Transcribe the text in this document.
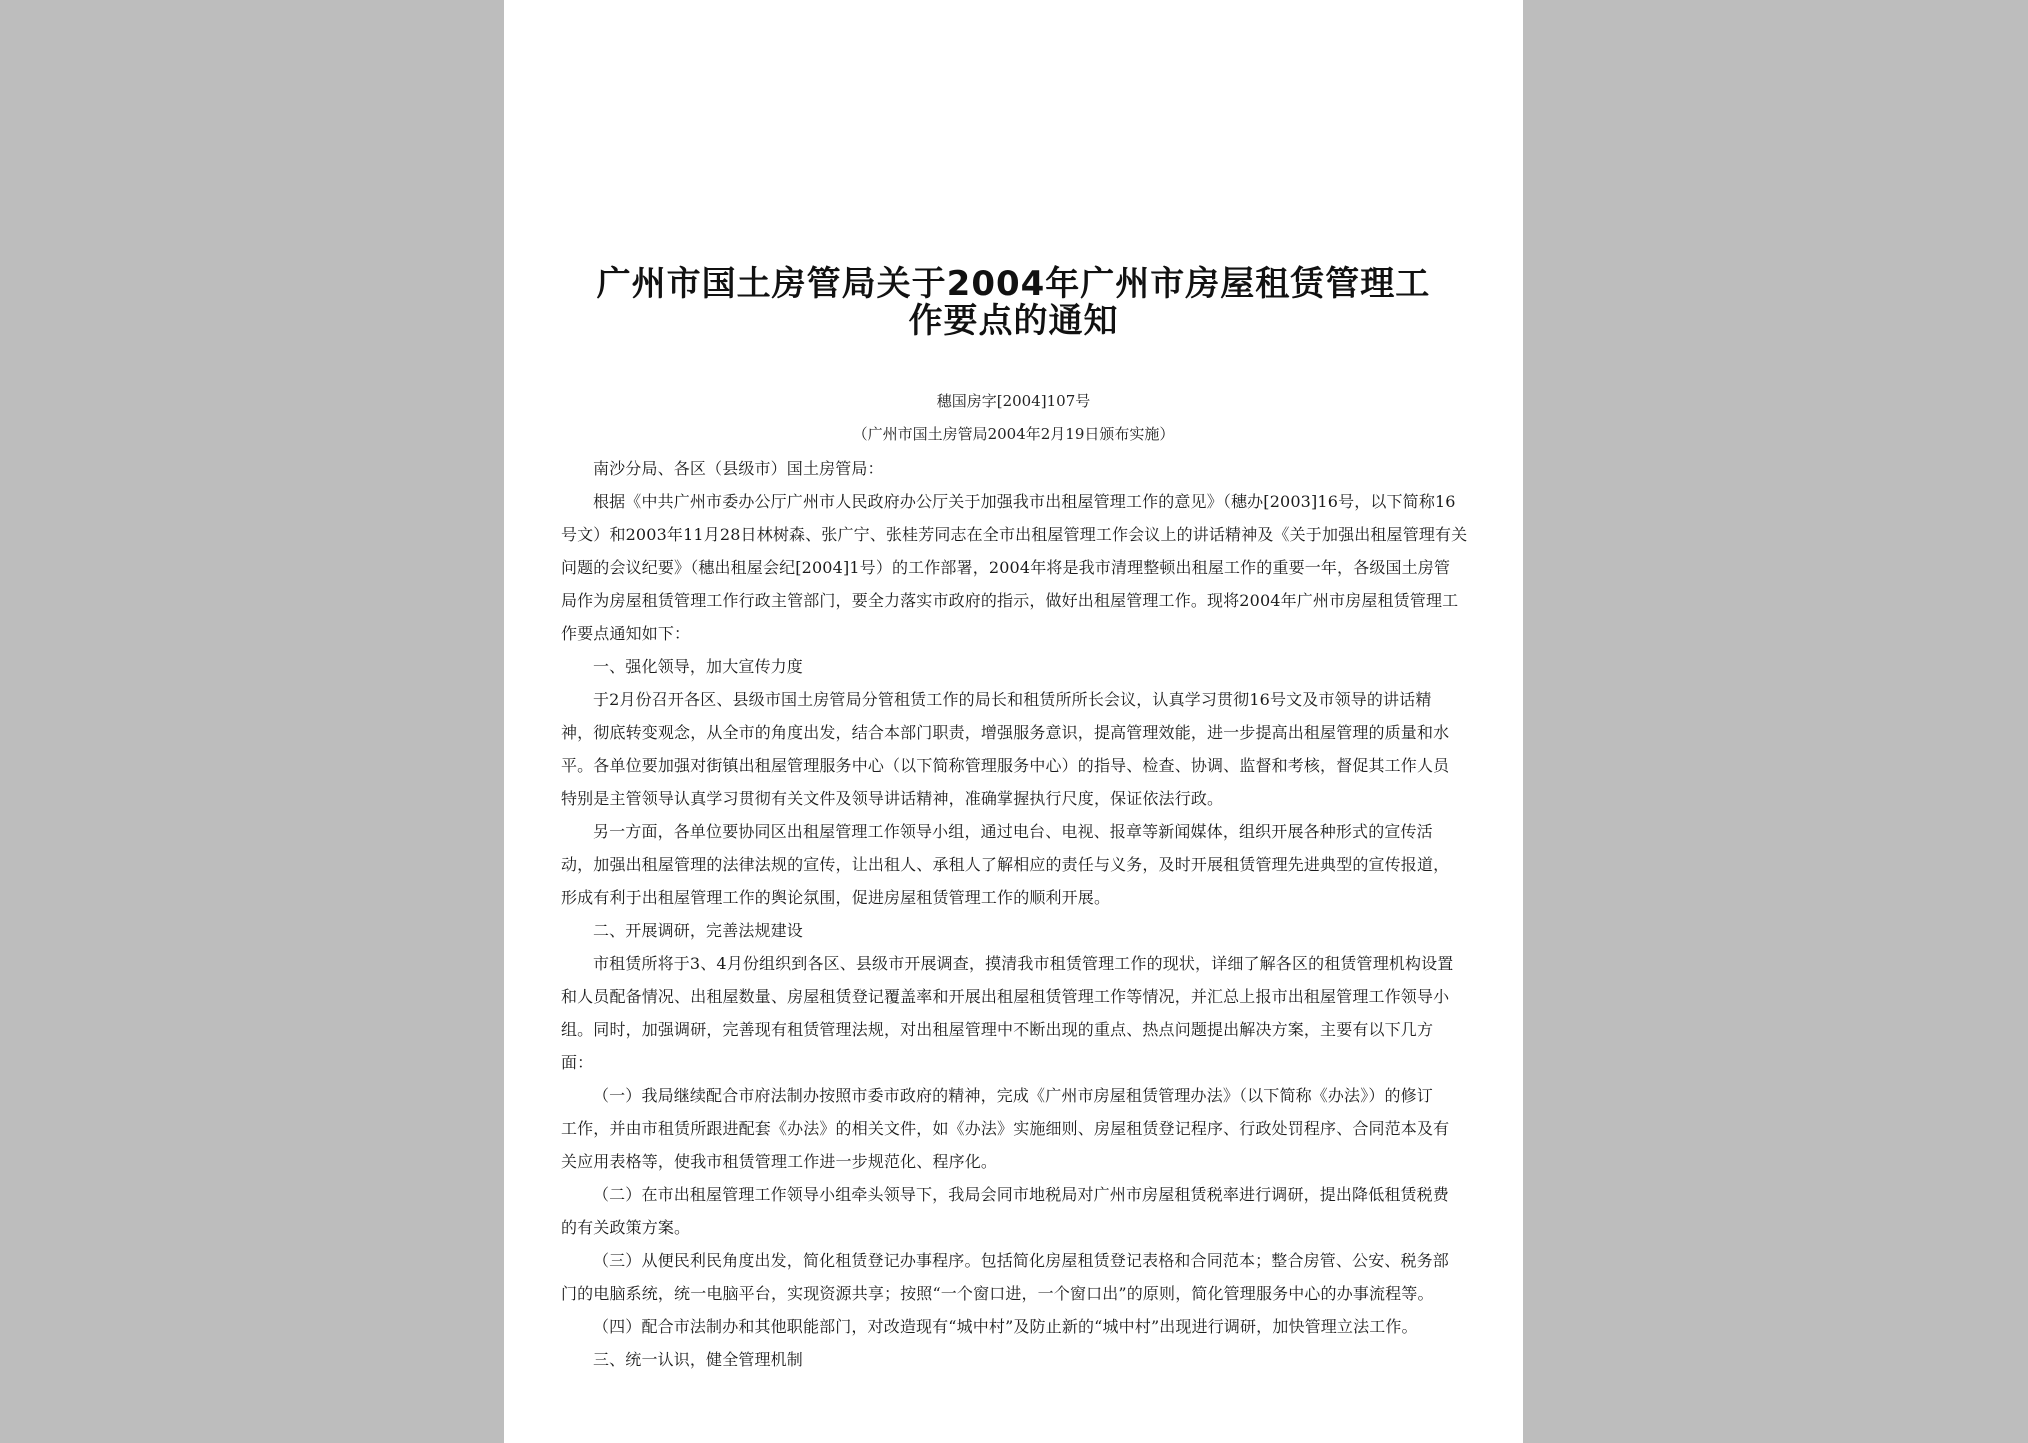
广州市国土房管局关于2004年广州市房屋租赁管理工
作要点的通知
穗国房字[2004]107号
（广州市国土房管局2004年2月19日颁布实施）
南沙分局、各区（县级市）国土房管局：
根据《中共广州市委办公厅广州市人民政府办公厅关于加强我市出租屋管理工作的意见》（穗办[2003]16号，以下简称16
号文）和2003年11月28日林树森、张广宁、张桂芳同志在全市出租屋管理工作会议上的讲话精神及《关于加强出租屋管理有关
问题的会议纪要》（穗出租屋会纪[2004]1号）的工作部署，2004年将是我市清理整顿出租屋工作的重要一年，各级国土房管
局作为房屋租赁管理工作行政主管部门，要全力落实市政府的指示，做好出租屋管理工作。现将2004年广州市房屋租赁管理工
作要点通知如下：
一、强化领导，加大宣传力度
于2月份召开各区、县级市国土房管局分管租赁工作的局长和租赁所所长会议，认真学习贯彻16号文及市领导的讲话精
神，彻底转变观念，从全市的角度出发，结合本部门职责，增强服务意识，提高管理效能，进一步提高出租屋管理的质量和水
平。各单位要加强对街镇出租屋管理服务中心（以下简称管理服务中心）的指导、检查、协调、监督和考核，督促其工作人员
特别是主管领导认真学习贯彻有关文件及领导讲话精神，准确掌握执行尺度，保证依法行政。
另一方面，各单位要协同区出租屋管理工作领导小组，通过电台、电视、报章等新闻媒体，组织开展各种形式的宣传活
动，加强出租屋管理的法律法规的宣传，让出租人、承租人了解相应的责任与义务，及时开展租赁管理先进典型的宣传报道，
形成有利于出租屋管理工作的舆论氛围，促进房屋租赁管理工作的顺利开展。
二、开展调研，完善法规建设
市租赁所将于3、4月份组织到各区、县级市开展调查，摸清我市租赁管理工作的现状，详细了解各区的租赁管理机构设置
和人员配备情况、出租屋数量、房屋租赁登记覆盖率和开展出租屋租赁管理工作等情况，并汇总上报市出租屋管理工作领导小
组。同时，加强调研，完善现有租赁管理法规，对出租屋管理中不断出现的重点、热点问题提出解决方案，主要有以下几方
面：
（一）我局继续配合市府法制办按照市委市政府的精神，完成《广州市房屋租赁管理办法》（以下简称《办法》）的修订
工作，并由市租赁所跟进配套《办法》的相关文件，如《办法》实施细则、房屋租赁登记程序、行政处罚程序、合同范本及有
关应用表格等，使我市租赁管理工作进一步规范化、程序化。
（二）在市出租屋管理工作领导小组牵头领导下，我局会同市地税局对广州市房屋租赁税率进行调研，提出降低租赁税费
的有关政策方案。
（三）从便民利民角度出发，简化租赁登记办事程序。包括简化房屋租赁登记表格和合同范本；整合房管、公安、税务部
门的电脑系统，统一电脑平台，实现资源共享；按照“一个窗口进，一个窗口出”的原则，简化管理服务中心的办事流程等。
（四）配合市法制办和其他职能部门，对改造现有“城中村”及防止新的“城中村”出现进行调研，加快管理立法工作。
三、统一认识，健全管理机制
